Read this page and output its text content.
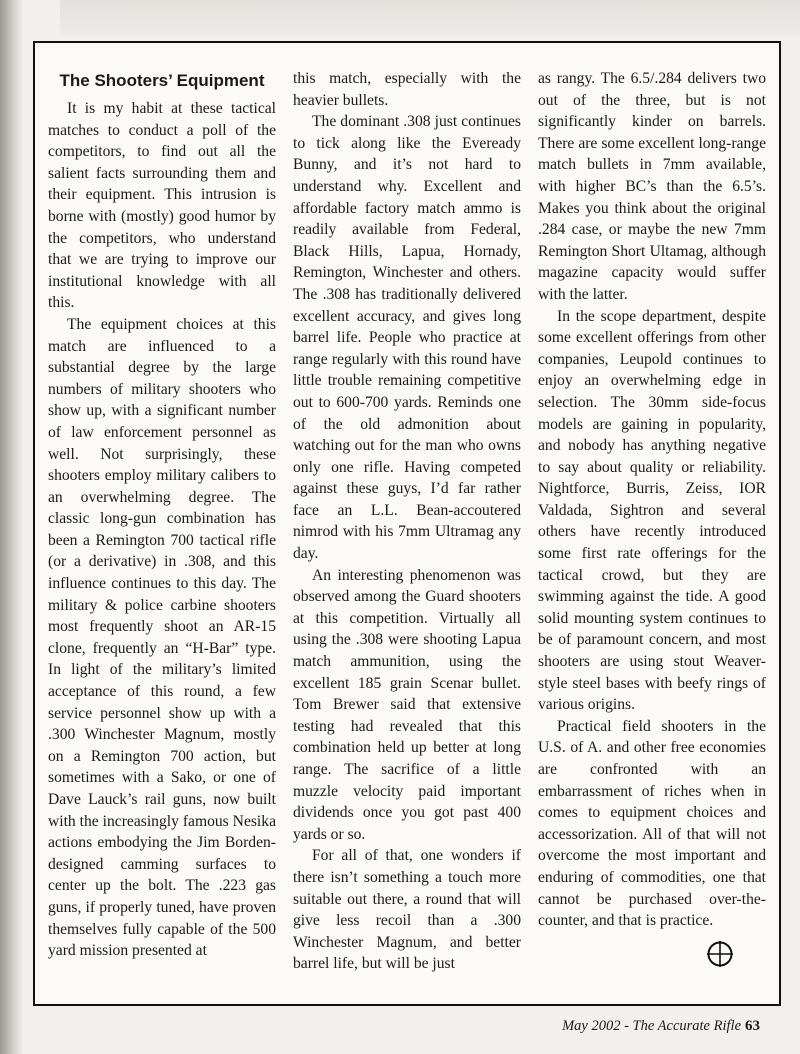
The Shooters’ Equipment

It is my habit at these tactical matches to conduct a poll of the competitors, to find out all the salient facts surrounding them and their equipment. This intrusion is borne with (mostly) good humor by the competitors, who understand that we are trying to improve our institutional knowledge with all this.

The equipment choices at this match are influenced to a substantial degree by the large numbers of military shooters who show up, with a significant number of law enforcement personnel as well. Not surprisingly, these shooters employ military calibers to an overwhelming degree. The classic long-gun combination has been a Remington 700 tactical rifle (or a derivative) in .308, and this influence continues to this day. The military & police carbine shooters most frequently shoot an AR-15 clone, frequently an “H-Bar” type. In light of the military’s limited acceptance of this round, a few service personnel show up with a .300 Winchester Magnum, mostly on a Remington 700 action, but sometimes with a Sako, or one of Dave Lauck’s rail guns, now built with the increasingly famous Nesika actions embodying the Jim Borden-designed camming surfaces to center up the bolt. The .223 gas guns, if properly tuned, have proven themselves fully capable of the 500 yard mission presented at

this match, especially with the heavier bullets.

The dominant .308 just continues to tick along like the Eveready Bunny, and it’s not hard to understand why. Excellent and affordable factory match ammo is readily available from Federal, Black Hills, Lapua, Hornady, Remington, Winchester and others. The .308 has traditionally delivered excellent accuracy, and gives long barrel life. People who practice at range regularly with this round have little trouble remaining competitive out to 600-700 yards. Reminds one of the old admonition about watching out for the man who owns only one rifle. Having competed against these guys, I’d far rather face an L.L. Bean-accoutered nimrod with his 7mm Ultramag any day.

An interesting phenomenon was observed among the Guard shooters at this competition. Virtually all using the .308 were shooting Lapua match ammunition, using the excellent 185 grain Scenar bullet. Tom Brewer said that extensive testing had revealed that this combination held up better at long range. The sacrifice of a little muzzle velocity paid important dividends once you got past 400 yards or so.

For all of that, one wonders if there isn’t something a touch more suitable out there, a round that will give less recoil than a .300 Winchester Magnum, and better barrel life, but will be just

as rangy. The 6.5/.284 delivers two out of the three, but is not significantly kinder on barrels. There are some excellent long-range match bullets in 7mm available, with higher BC’s than the 6.5’s. Makes you think about the original .284 case, or maybe the new 7mm Remington Short Ultamag, although magazine capacity would suffer with the latter.

In the scope department, despite some excellent offerings from other companies, Leupold continues to enjoy an overwhelming edge in selection. The 30mm side-focus models are gaining in popularity, and nobody has anything negative to say about quality or reliability. Nightforce, Burris, Zeiss, IOR Valdada, Sightron and several others have recently introduced some first rate offerings for the tactical crowd, but they are swimming against the tide. A good solid mounting system continues to be of paramount concern, and most shooters are using stout Weaver-style steel bases with beefy rings of various origins.

Practical field shooters in the U.S. of A. and other free economies are confronted with an embarrassment of riches when in comes to equipment choices and accessorization. All of that will not overcome the most important and enduring of commodities, one that cannot be purchased over-the-counter, and that is practice.

May 2002 - The Accurate Rifle 63
